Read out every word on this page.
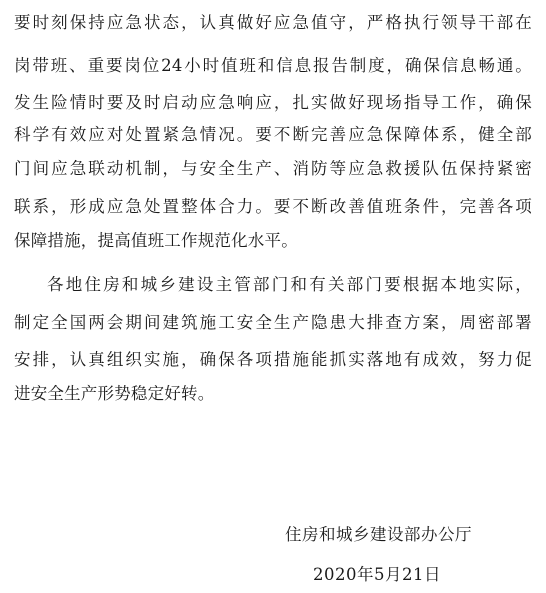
要时刻保持应急状态，认真做好应急值守，严格执行领导干部在
岗带班、重要岗位24小时值班和信息报告制度，确保信息畅通。
发生险情时要及时启动应急响应，扎实做好现场指导工作，确保
科学有效应对处置紧急情况。要不断完善应急保障体系，健全部
门间应急联动机制，与安全生产、消防等应急救援队伍保持紧密
联系，形成应急处置整体合力。要不断改善值班条件，完善各项
保障措施，提高值班工作规范化水平。
各地住房和城乡建设主管部门和有关部门要根据本地实际，
制定全国两会期间建筑施工安全生产隐患大排查方案，周密部署
安排，认真组织实施，确保各项措施能抓实落地有成效，努力促
进安全生产形势稳定好转。
住房和城乡建设部办公厅
2020年5月21日
